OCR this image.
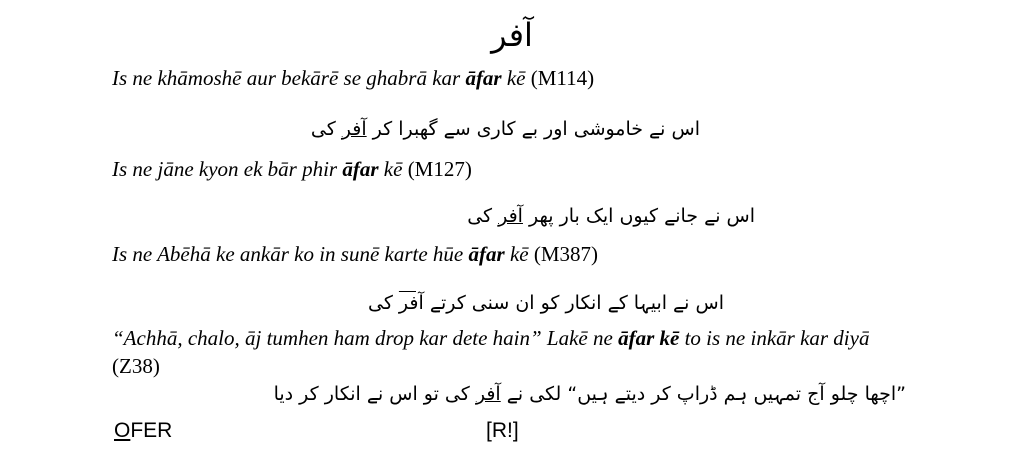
آفر
Is ne khāmoshē aur bekārē se ghabrā kar āfar kē (M114)
اس نے خاموشی اور بے کاری سے گھبرا کر آفر کی
Is ne jāne kyon ek bār phir āfar kē (M127)
اس نے جانے کیوں ایک بار پھر آفر کی
Is ne Abēhā ke ankār ko in sunē karte hūe āfar kē (M387)
اس نے ابیہا کے انکار کو ان سنی کرتے آفر کی
“Achhā, chalo, āj tumhen ham drop kar dete hain” Lakē ne āfar kē to is ne inkār kar diyā (Z38)
”اچھا چلو آج تمہیں ہم ڈراپ کر دیتے ہیں“ لکی نے آفر کی تو اس نے انکار کر دیا
OFER	[R!]
